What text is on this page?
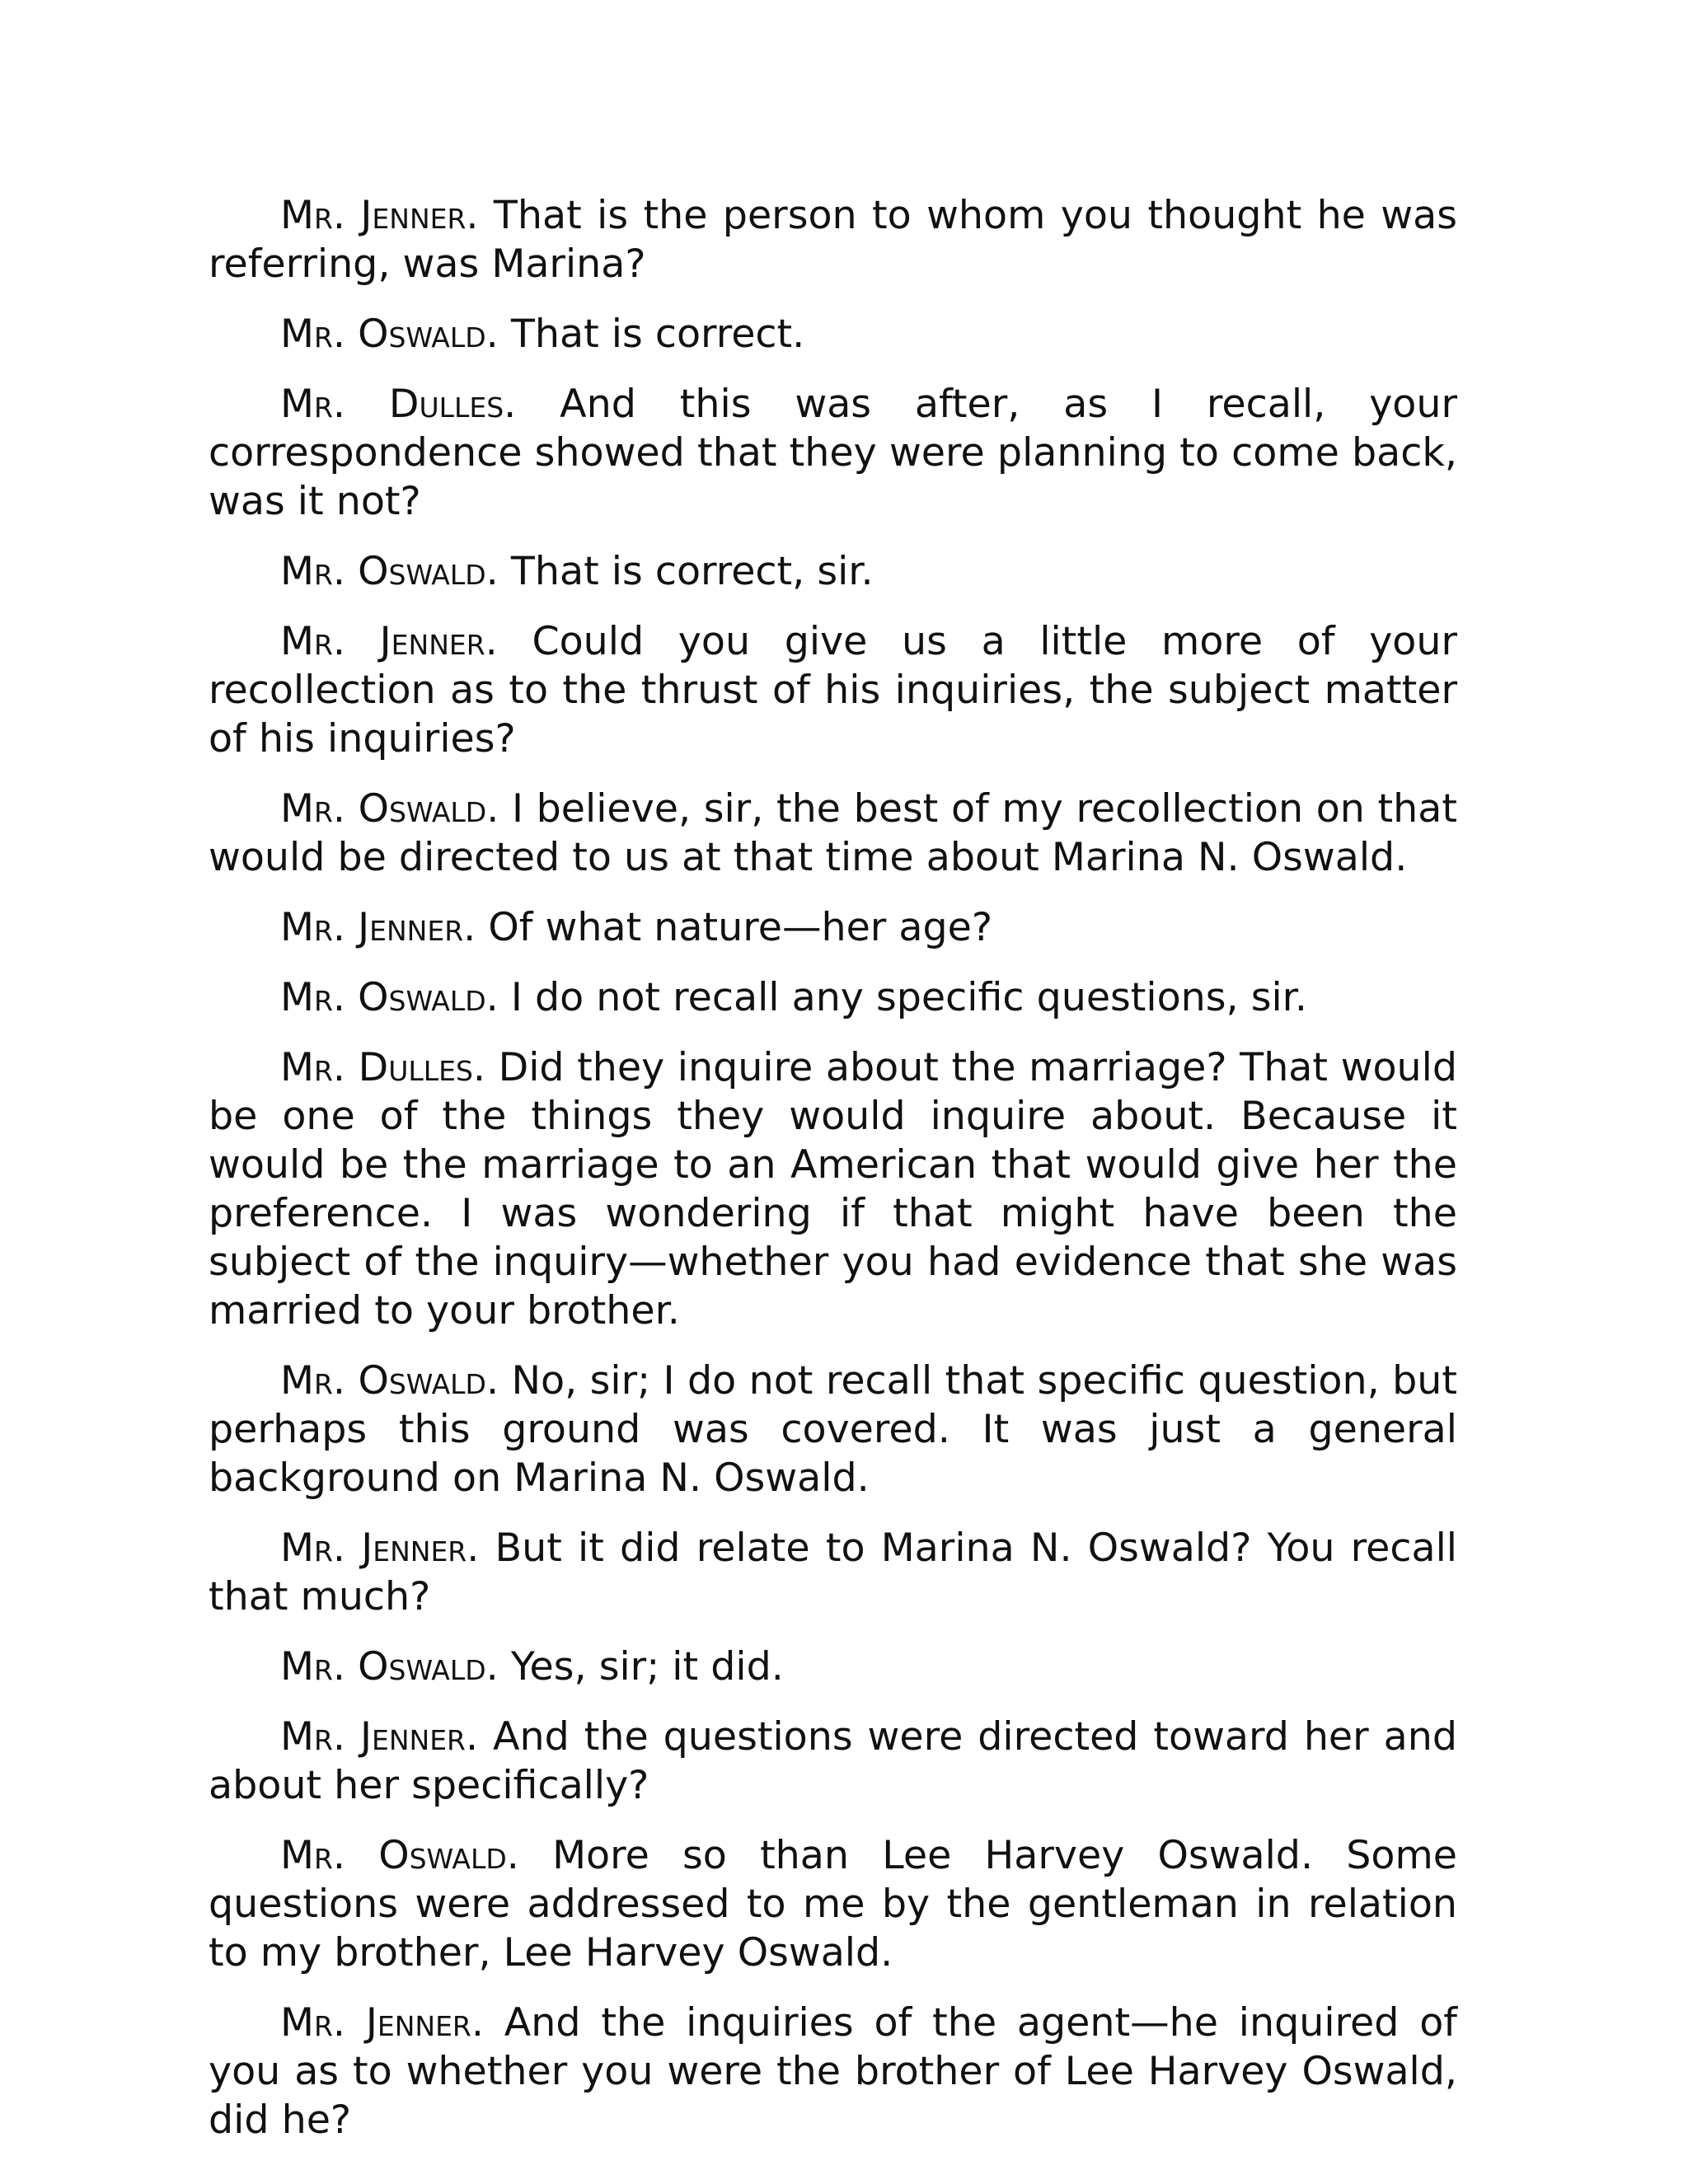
Mr. Jenner. That is the person to whom you thought he was referring, was Marina?

Mr. Oswald. That is correct.

Mr. Dulles. And this was after, as I recall, your correspondence showed that they were planning to come back, was it not?

Mr. Oswald. That is correct, sir.

Mr. Jenner. Could you give us a little more of your recollection as to the thrust of his inquiries, the subject matter of his inquiries?

Mr. Oswald. I believe, sir, the best of my recollection on that would be directed to us at that time about Marina N. Oswald.

Mr. Jenner. Of what nature—her age?

Mr. Oswald. I do not recall any specific questions, sir.

Mr. Dulles. Did they inquire about the marriage? That would be one of the things they would inquire about. Because it would be the marriage to an American that would give her the preference. I was wondering if that might have been the subject of the inquiry—whether you had evidence that she was married to your brother.

Mr. Oswald. No, sir; I do not recall that specific question, but perhaps this ground was covered. It was just a general background on Marina N. Oswald.

Mr. Jenner. But it did relate to Marina N. Oswald? You recall that much?

Mr. Oswald. Yes, sir; it did.

Mr. Jenner. And the questions were directed toward her and about her specifically?

Mr. Oswald. More so than Lee Harvey Oswald. Some questions were addressed to me by the gentleman in relation to my brother, Lee Harvey Oswald.

Mr. Jenner. And the inquiries of the agent—he inquired of you as to whether you were the brother of Lee Harvey Oswald, did he?
